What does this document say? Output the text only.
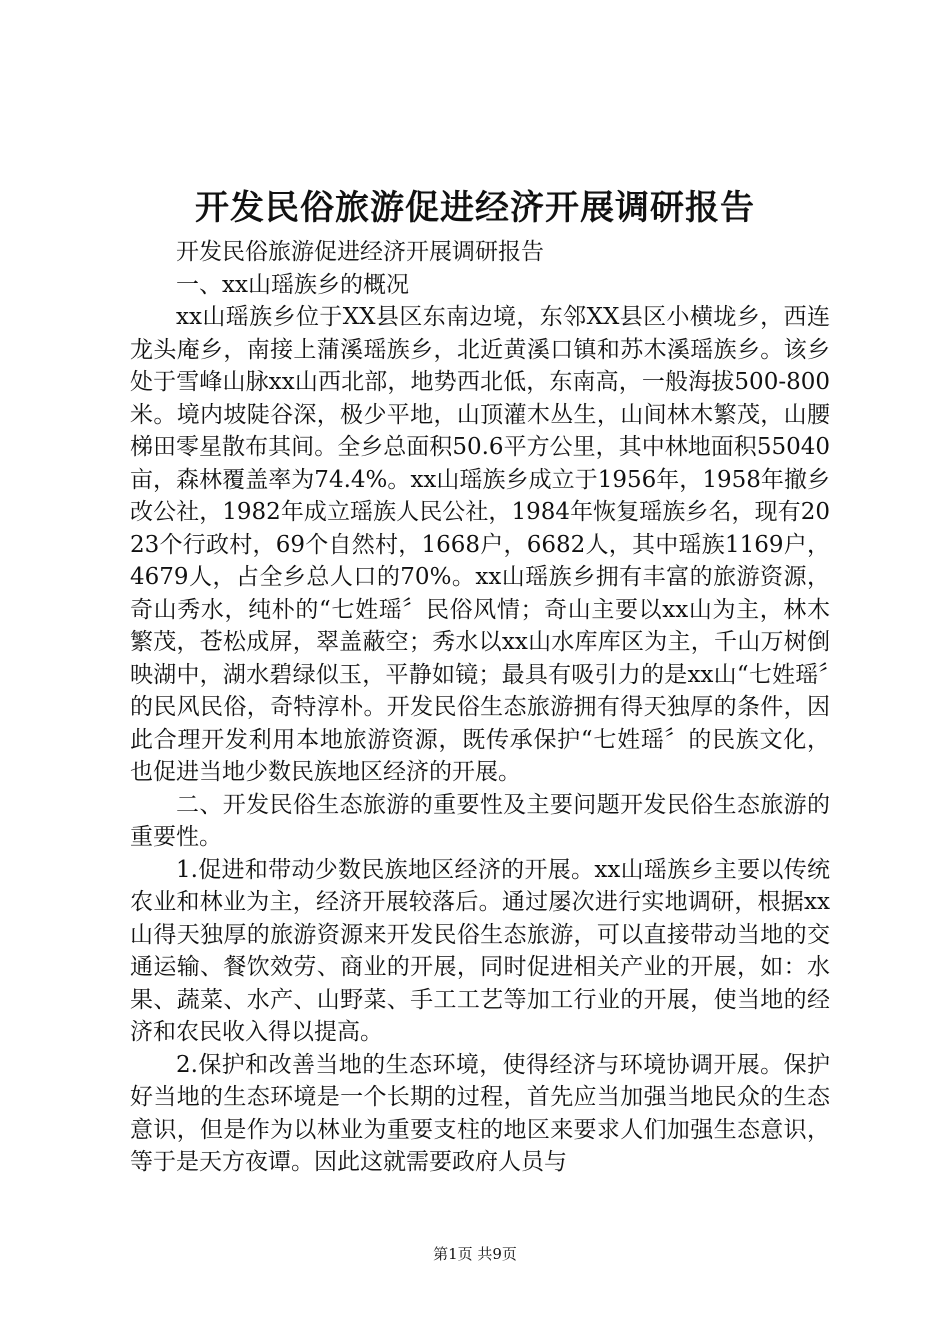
开发民俗旅游促进经济开展调研报告

开发民俗旅游促进经济开展调研报告

一、xx山瑶族乡的概况

xx山瑶族乡位于XX县区东南边境，东邻XX县区小横垅乡，西连龙头庵乡，南接上蒲溪瑶族乡，北近黄溪口镇和苏木溪瑶族乡。该乡处于雪峰山脉xx山西北部，地势西北低，东南高，一般海拔500-800米。境内坡陡谷深，极少平地，山顶灌木丛生，山间林木繁茂，山腰梯田零星散布其间。全乡总面积50.6平方公里，其中林地面积55040亩，森林覆盖率为74.4%。xx山瑶族乡成立于1956年，1958年撤乡改公社，1982年成立瑶族人民公社，1984年恢复瑶族乡名，现有2023个行政村，69个自然村，1668户，6682人，其中瑶族1169户，4679人，占全乡总人口的70%。xx山瑶族乡拥有丰富的旅游资源，奇山秀水，纯朴的“七姓瑶〞民俗风情；奇山主要以xx山为主，林木繁茂，苍松成屏，翠盖蔽空；秀水以xx山水库库区为主，千山万树倒映湖中，湖水碧绿似玉，平静如镜；最具有吸引力的是xx山“七姓瑶〞的民风民俗，奇特淳朴。开发民俗生态旅游拥有得天独厚的条件，因此合理开发利用本地旅游资源，既传承保护“七姓瑶〞的民族文化，也促进当地少数民族地区经济的开展。

二、开发民俗生态旅游的重要性及主要问题开发民俗生态旅游的重要性。

1.促进和带动少数民族地区经济的开展。xx山瑶族乡主要以传统农业和林业为主，经济开展较落后。通过屡次进行实地调研，根据xx山得天独厚的旅游资源来开发民俗生态旅游，可以直接带动当地的交通运输、餐饮效劳、商业的开展，同时促进相关产业的开展，如：水果、蔬菜、水产、山野菜、手工工艺等加工行业的开展，使当地的经济和农民收入得以提高。

2.保护和改善当地的生态环境，使得经济与环境协调开展。保护好当地的生态环境是一个长期的过程，首先应当加强当地民众的生态意识，但是作为以林业为重要支柱的地区来要求人们加强生态意识，等于是天方夜谭。因此这就需要政府人员与

第1页 共9页
